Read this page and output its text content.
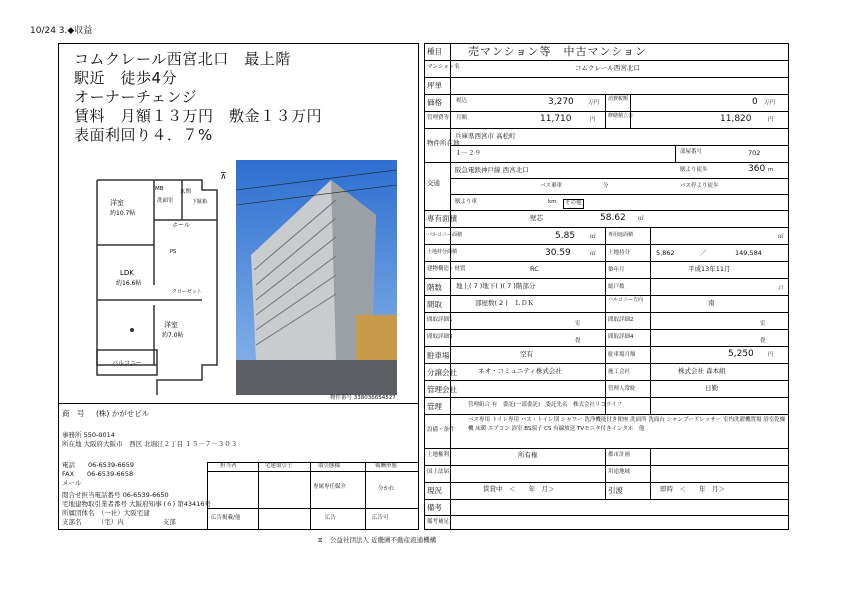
10/24 3.◆収益
コムクレール西宮北口　最上階
駅近　徒歩4分
オーナーチェンジ
賃料　月額１３万円　敷金１３万円
表面利回り４．７%
洋室
約10.7帖
MB
洗面室
玄関
下駄箱
ホール
LDK
約16.6帖
クローゼット
洋室
約7.0帖
バルコニー
PS
⊼
物件番号 338036654527
商　号 (株) かがせビル
事務所 550-0014
所在地 大阪府大阪市　西区 北堀江２丁目 １５－７－３０３
電話　　06-6539-6659
FAX　　06-6539-6658
メール
閲合せ担当電話番号 06-6539-6650
宅地建物取引業者番号 大阪府知事 (６) 第43416号
所属団体名　（一社）大阪宅建
支部名　　　（宅）内　　　　　　支部
担当者	宅建取引士	取引態様	報酬形態
専属専任媒介	分かれ
広告掲載/他	広告	広告可
種目 売マンション等　中古マンション
マンション名	コムクレール西宮北口
坪単
価格	税込	3,270	万円
消費税額	0 万円
管理費等 月額	11,710	円
修繕積立金	11,820	円
物件所在地
兵庫県西宮市 高松町
１－２９	部屋番号	702
交通
阪急電鉄神戸線 西宮北口	駅より徒歩	360 m
バス乗車	分	バス停より徒歩
駅より車	km	その他
専有面積	壁芯	58.62 ㎡
バルコニー面積	5.85	㎡ 専用庭面積	㎡
土地持分面積	30.59	㎡ 土地持分	5,862	／	149,584
建物構造・材質	RC	築年月	平成13年11月
階数 地上( 7 )地下( )( 7 )階部分	総戸数	戸
間取	部屋数( 2 )　ＬＤＫ	バルコニー方向	南
間取詳細1
室
間取詳細2
室
間取詳細3
畳
間取詳細4
畳
駐車場	空有	駐車場月額	5,250	円
分譲会社	ネオ・コミュニティ株式会社	施工会社	株式会社 森本組
管理会社	管理人常駐	日勤
管理	管理組合 有　委託(一部委託)　委託先名　株式会社リコライフ
設備・条件
バス専用 トイレ専用 バス・トイレ別 シャワー 洗浄機能付き便座 洗面所 洗面台 シャンプードレッサー 室内洗濯機置場 浴室乾燥機 床暖 エアコン 浴室 BS端子 CS 有線放送 TVモニタ付きインタホ　他
土地権利	所有権	都市計画
国土法届	用途地域
現況	賃貸中　＜　　年　月＞	引渡	即時　＜　　年　月＞
備考
備考補足
⧖ 公益社団法人 近畿圏不動産流通機構
